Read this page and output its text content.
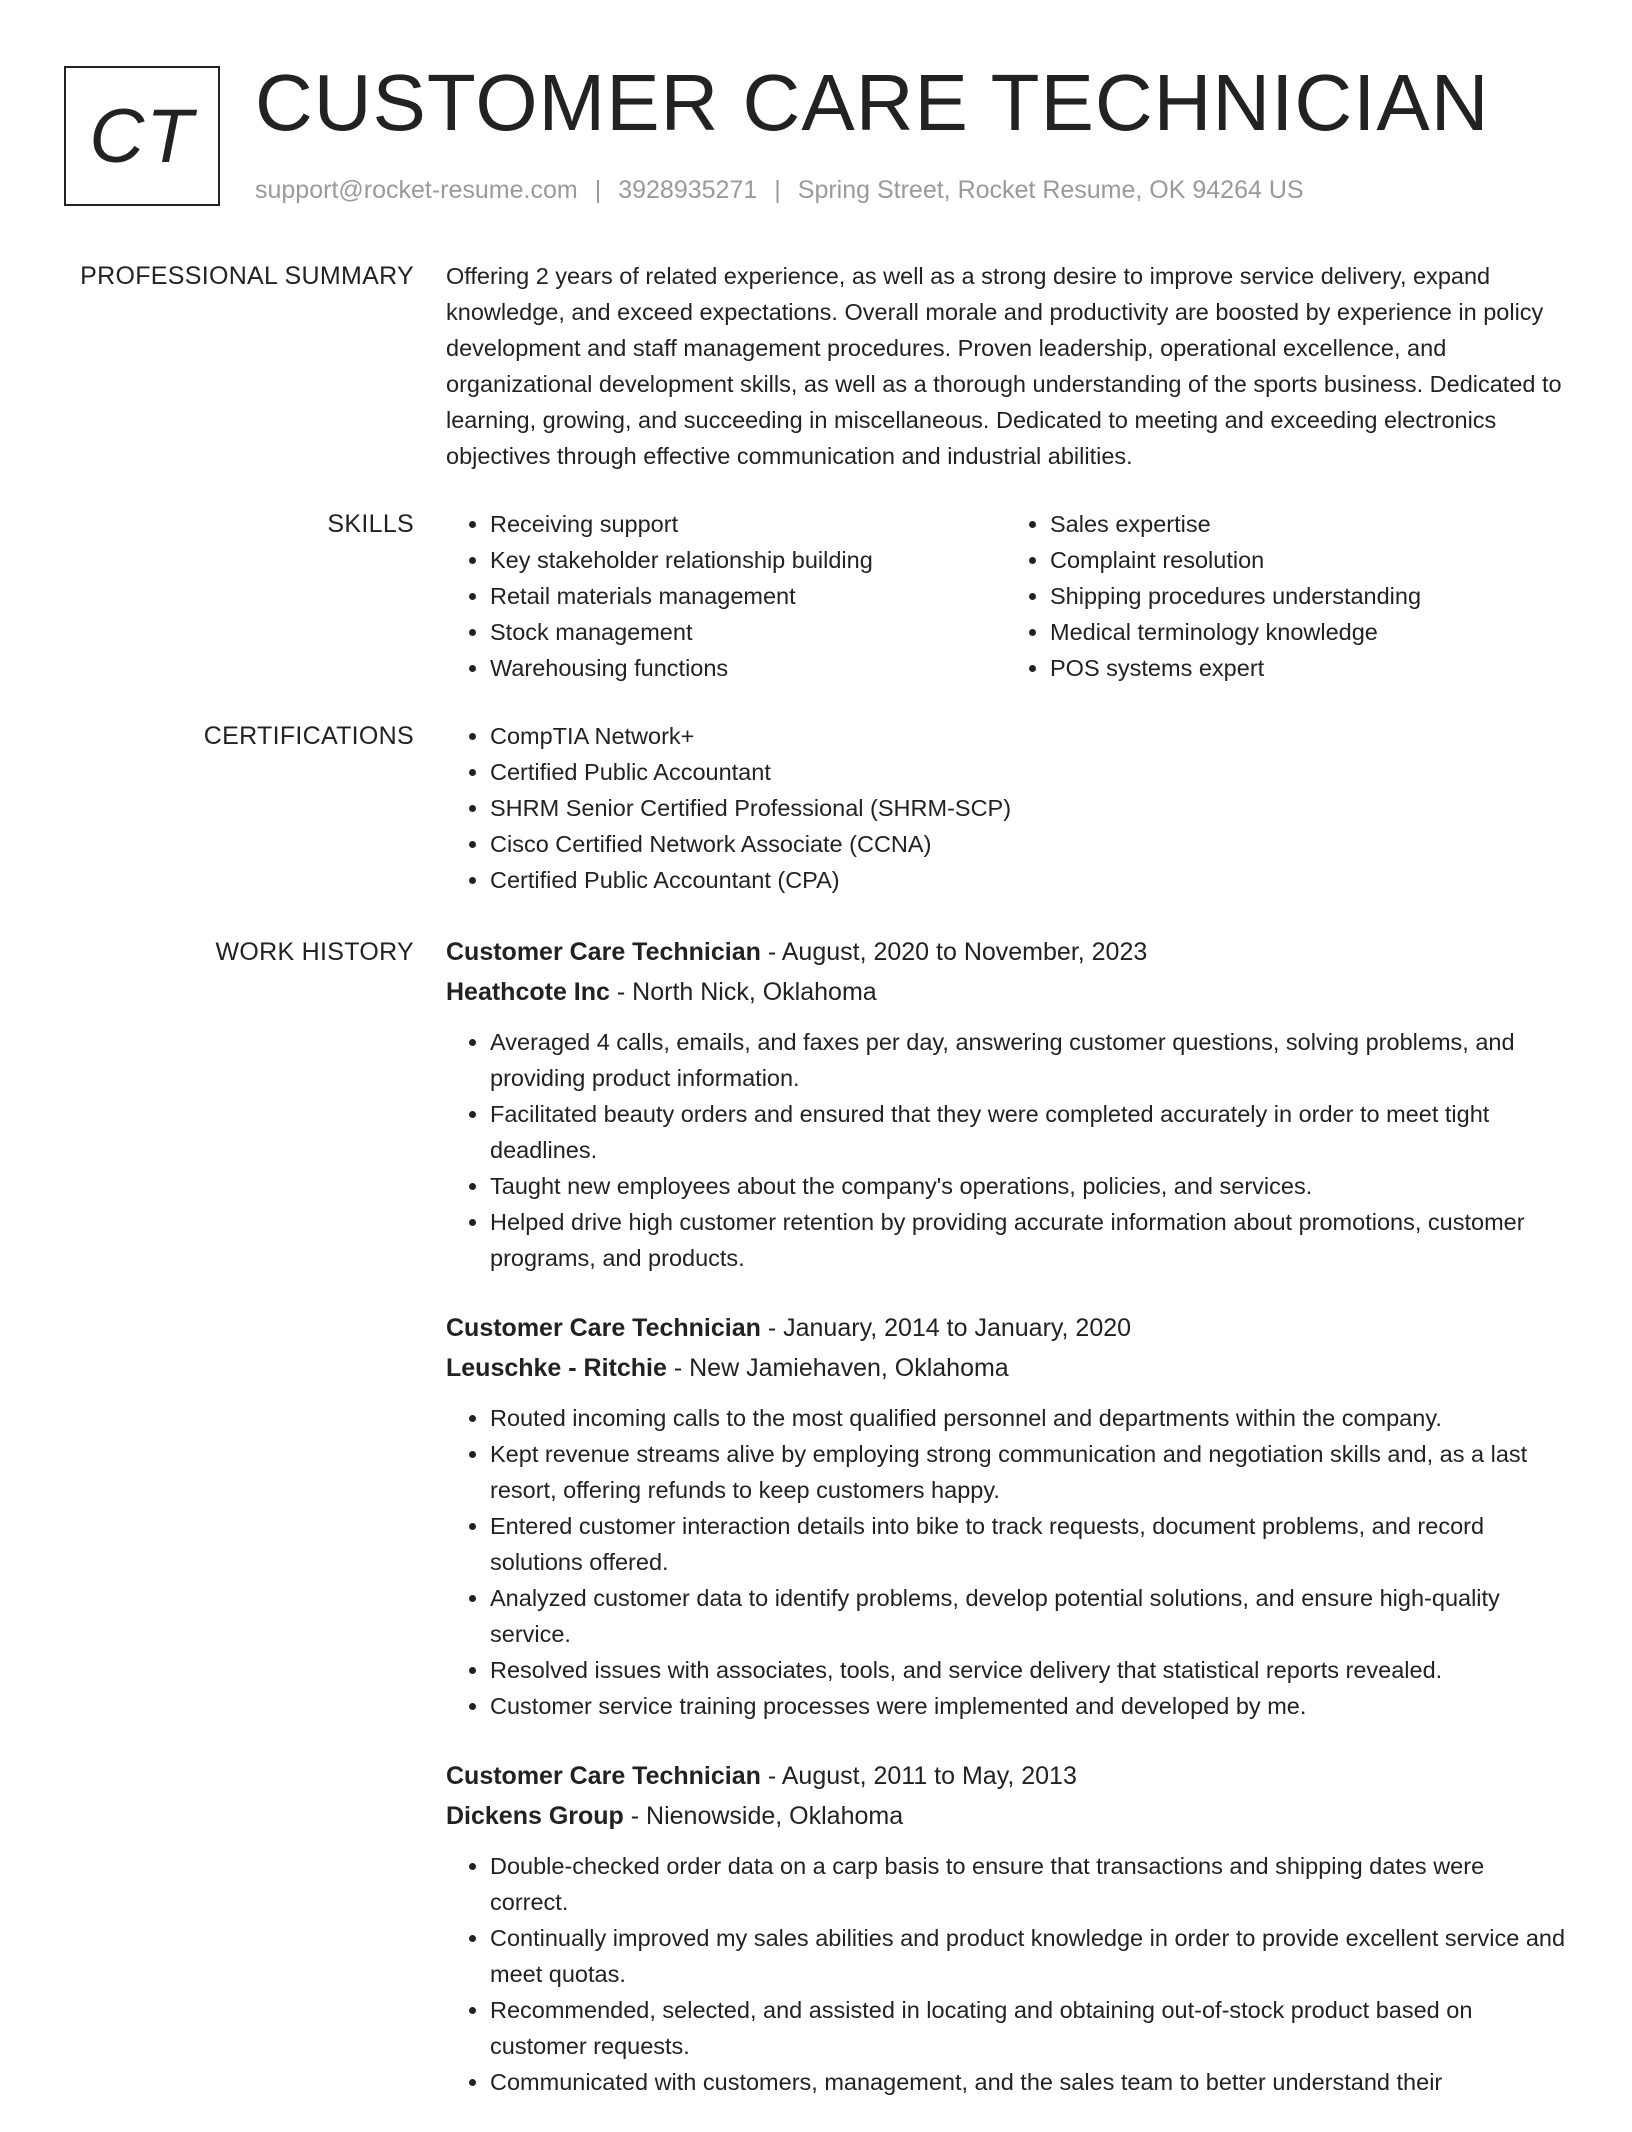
CT CUSTOMER CARE TECHNICIAN
support@rocket-resume.com | 3928935271 | Spring Street, Rocket Resume, OK 94264 US
PROFESSIONAL SUMMARY Offering 2 years of related experience, as well as a strong desire to improve service delivery, expand knowledge, and exceed expectations. Overall morale and productivity are boosted by experience in policy development and staff management procedures. Proven leadership, operational excellence, and organizational development skills, as well as a thorough understanding of the sports business. Dedicated to learning, growing, and succeeding in miscellaneous. Dedicated to meeting and exceeding electronics objectives through effective communication and industrial abilities.
SKILLS	• Receiving support
• Key stakeholder relationship building
• Retail materials management
• Stock management
• Warehousing functions
• Sales expertise
• Complaint resolution
• Shipping procedures understanding
• Medical terminology knowledge
• POS systems expert
CERTIFICATIONS	• CompTIA Network+
• Certified Public Accountant
• SHRM Senior Certified Professional (SHRM-SCP)
• Cisco Certified Network Associate (CCNA)
• Certified Public Accountant (CPA)
WORK HISTORY Customer Care Technician - August, 2020 to November, 2023
Heathcote Inc - North Nick, Oklahoma
• Averaged 4 calls, emails, and faxes per day, answering customer questions, solving problems, and providing product information.
• Facilitated beauty orders and ensured that they were completed accurately in order to meet tight deadlines.
• Taught new employees about the company's operations, policies, and services.
• Helped drive high customer retention by providing accurate information about promotions, customer programs, and products.
Customer Care Technician - January, 2014 to January, 2020
Leuschke - Ritchie - New Jamiehaven, Oklahoma
• Routed incoming calls to the most qualified personnel and departments within the company.
• Kept revenue streams alive by employing strong communication and negotiation skills and, as a last resort, offering refunds to keep customers happy.
• Entered customer interaction details into bike to track requests, document problems, and record solutions offered.
• Analyzed customer data to identify problems, develop potential solutions, and ensure high-quality service.
• Resolved issues with associates, tools, and service delivery that statistical reports revealed.
• Customer service training processes were implemented and developed by me.
Customer Care Technician - August, 2011 to May, 2013
Dickens Group - Nienowside, Oklahoma
• Double-checked order data on a carp basis to ensure that transactions and shipping dates were correct.
• Continually improved my sales abilities and product knowledge in order to provide excellent service and meet quotas.
• Recommended, selected, and assisted in locating and obtaining out-of-stock product based on customer requests.
• Communicated with customers, management, and the sales team to better understand their
